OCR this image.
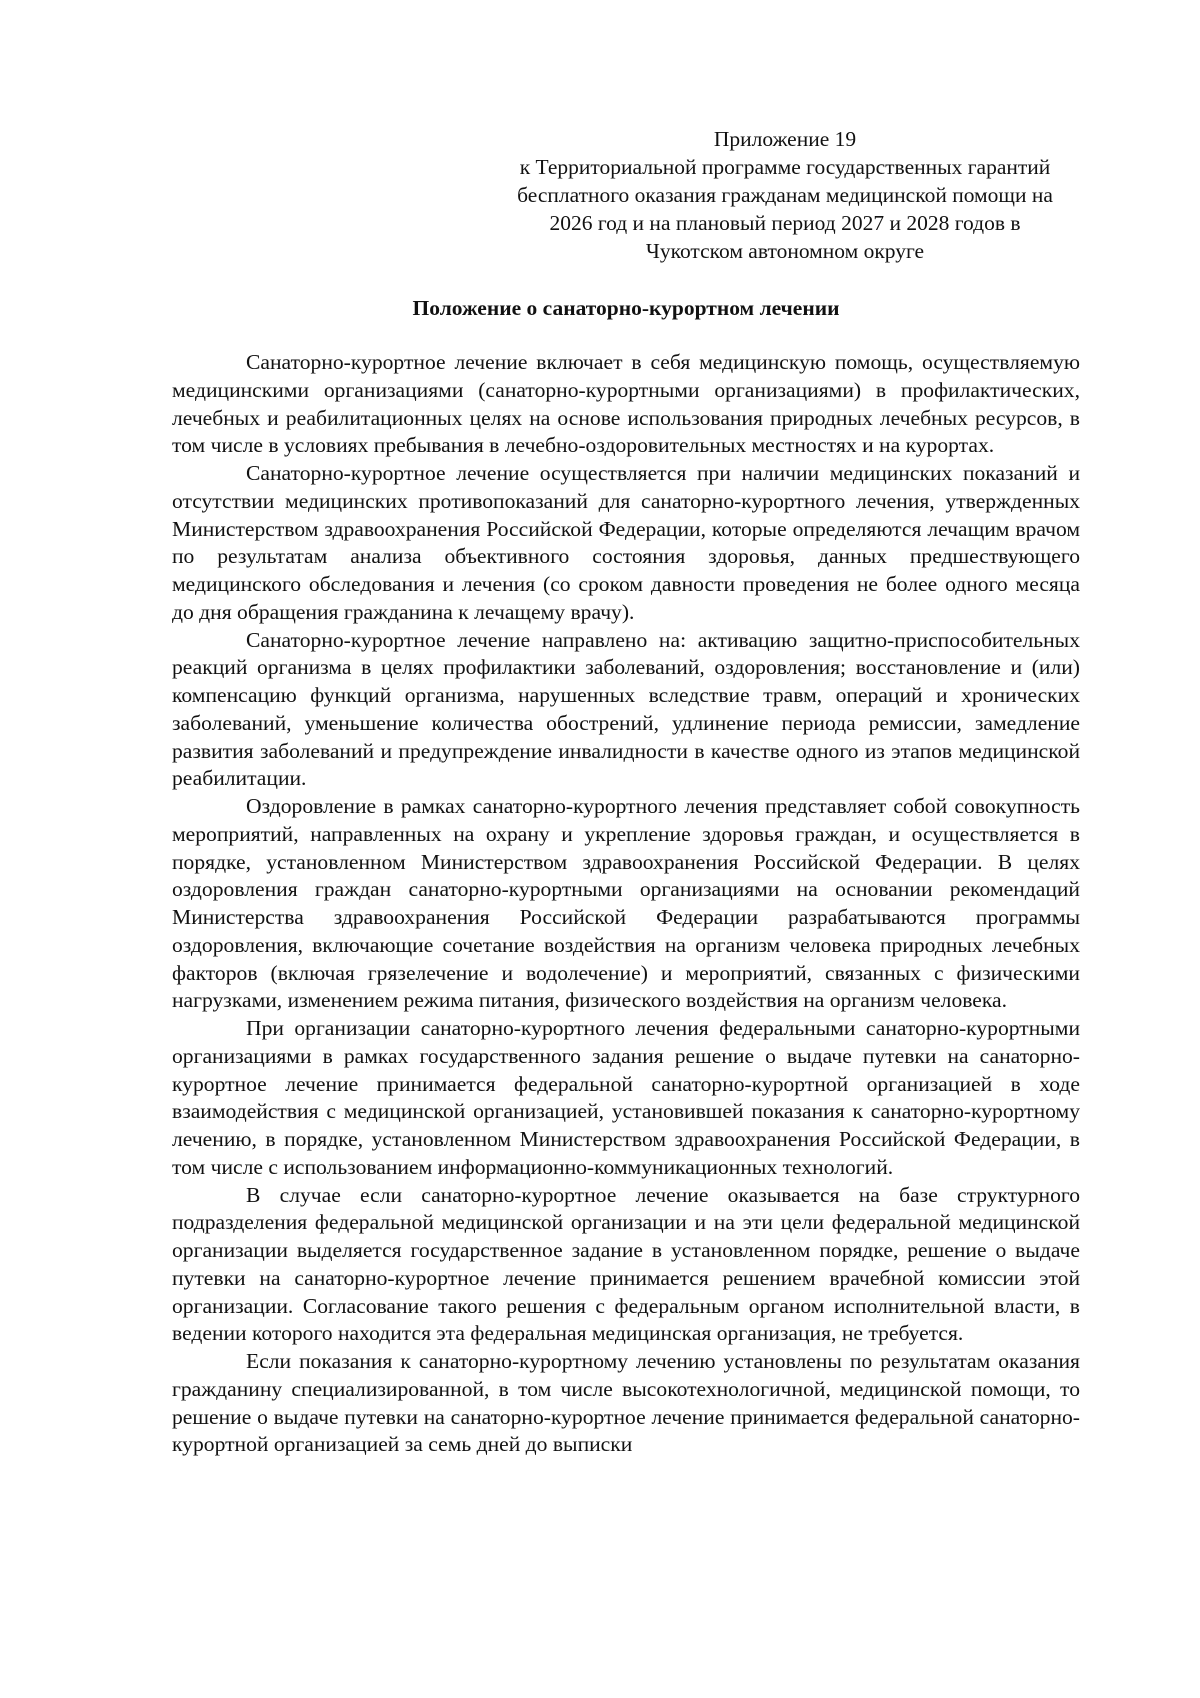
Приложение 19
к Территориальной программе государственных гарантий
бесплатного оказания гражданам медицинской помощи на
2026 год и на плановый период 2027 и 2028 годов в
Чукотском автономном округе
Положение о санаторно-курортном лечении

Санаторно-курортное лечение включает в себя медицинскую помощь, осуществляемую медицинскими организациями (санаторно-курортными организациями) в профилактических, лечебных и реабилитационных целях на основе использования природных лечебных ресурсов, в том числе в условиях пребывания в лечебно-оздоровительных местностях и на курортах.

Санаторно-курортное лечение осуществляется при наличии медицинских показаний и отсутствии медицинских противопоказаний для санаторно-курортного лечения, утвержденных Министерством здравоохранения Российской Федерации, которые определяются лечащим врачом по результатам анализа объективного состояния здоровья, данных предшествующего медицинского обследования и лечения (со сроком давности проведения не более одного месяца до дня обращения гражданина к лечащему врачу).

Санаторно-курортное лечение направлено на: активацию защитно-приспособительных реакций организма в целях профилактики заболеваний, оздоровления; восстановление и (или) компенсацию функций организма, нарушенных вследствие травм, операций и хронических заболеваний, уменьшение количества обострений, удлинение периода ремиссии, замедление развития заболеваний и предупреждение инвалидности в качестве одного из этапов медицинской реабилитации.

Оздоровление в рамках санаторно-курортного лечения представляет собой совокупность мероприятий, направленных на охрану и укрепление здоровья граждан, и осуществляется в порядке, установленном Министерством здравоохранения Российской Федерации. В целях оздоровления граждан санаторно-курортными организациями на основании рекомендаций Министерства здравоохранения Российской Федерации разрабатываются программы оздоровления, включающие сочетание воздействия на организм человека природных лечебных факторов (включая грязелечение и водолечение) и мероприятий, связанных с физическими нагрузками, изменением режима питания, физического воздействия на организм человека.

При организации санаторно-курортного лечения федеральными санаторно-курортными организациями в рамках государственного задания решение о выдаче путевки на санаторно-курортное лечение принимается федеральной санаторно-курортной организацией в ходе взаимодействия с медицинской организацией, установившей показания к санаторно-курортному лечению, в порядке, установленном Министерством здравоохранения Российской Федерации, в том числе с использованием информационно-коммуникационных технологий.

В случае если санаторно-курортное лечение оказывается на базе структурного подразделения федеральной медицинской организации и на эти цели федеральной медицинской организации выделяется государственное задание в установленном порядке, решение о выдаче путевки на санаторно-курортное лечение принимается решением врачебной комиссии этой организации. Согласование такого решения с федеральным органом исполнительной власти, в ведении которого находится эта федеральная медицинская организация, не требуется.

Если показания к санаторно-курортному лечению установлены по результатам оказания гражданину специализированной, в том числе высокотехнологичной, медицинской помощи, то решение о выдаче путевки на санаторно-курортное лечение принимается федеральной санаторно-курортной организацией за семь дней до выписки
